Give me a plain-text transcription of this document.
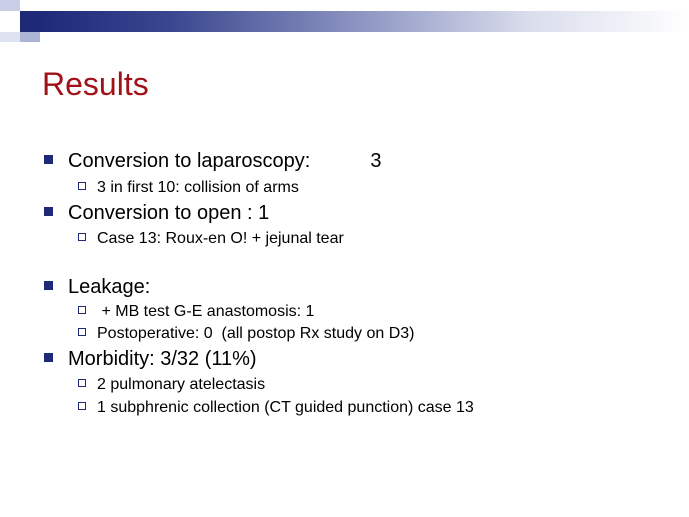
Results
Conversion to laparoscopy:	3
3 in first 10: collision of arms
Conversion to open : 1
Case 13: Roux-en O! + jejunal tear
Leakage:
+ MB test G-E anastomosis: 1
Postoperative: 0  (all postop Rx study on D3)
Morbidity: 3/32 (11%)
2 pulmonary atelectasis
1 subphrenic collection (CT guided punction) case 13
